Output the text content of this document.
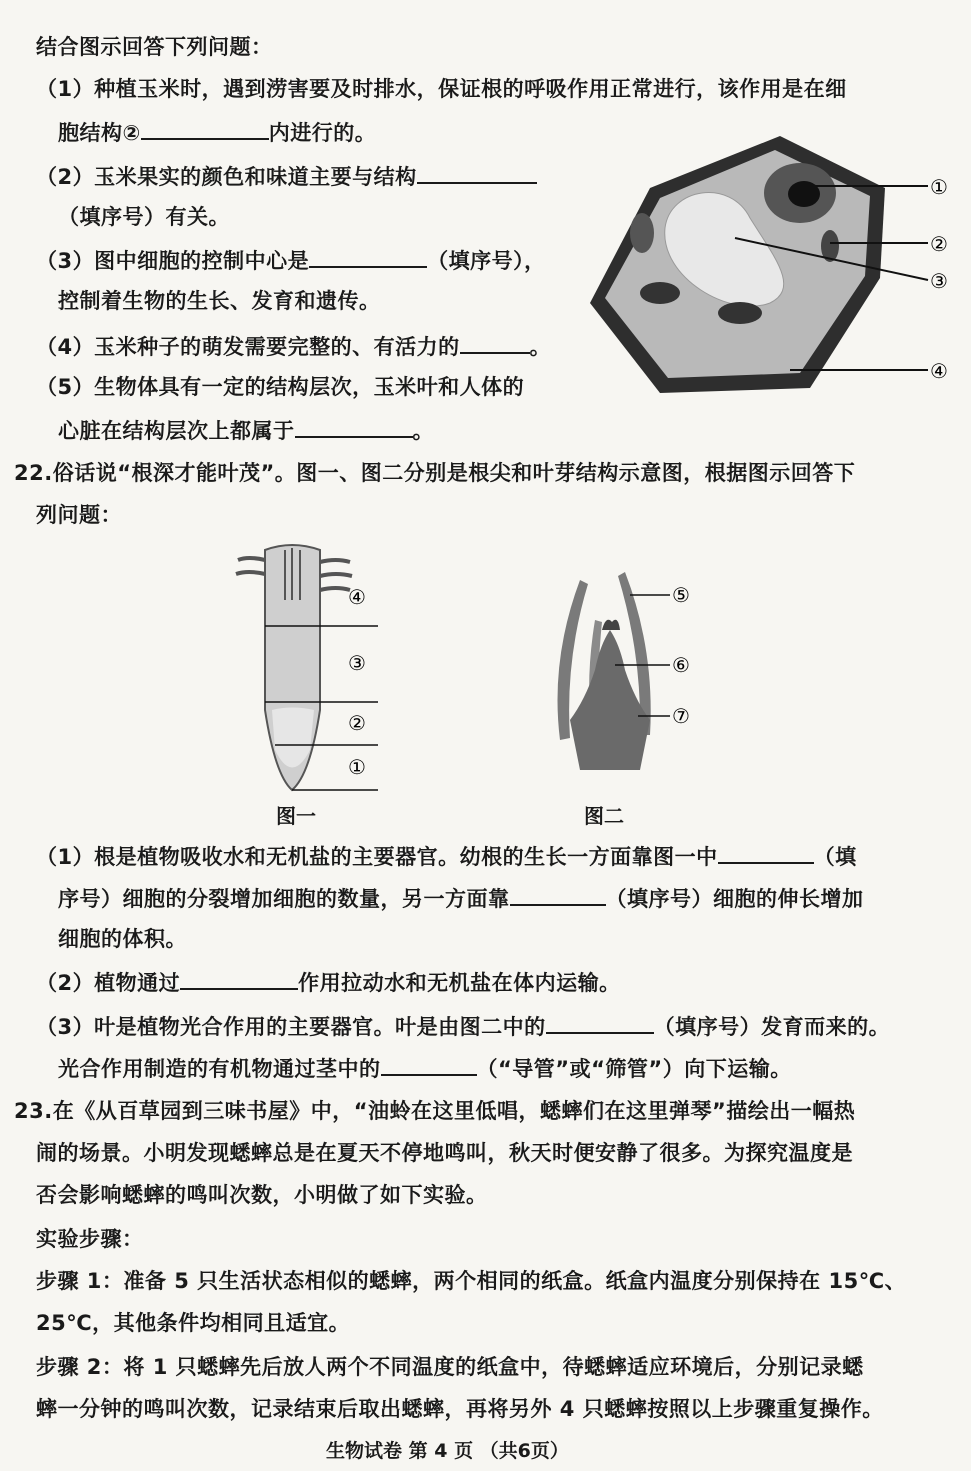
结合图示回答下列问题：
（1）种植玉米时，遇到涝害要及时排水，保证根的呼吸作用正常进行，该作用是在细
胞结构②	内进行的。
（2）玉米果实的颜色和味道主要与结构
（填序号）有关。
（3）图中细胞的控制中心是	（填序号），
控制着生物的生长、发育和遗传。
（4）玉米种子的萌发需要完整的、有活力的	。
（5）生物体具有一定的结构层次，玉米叶和人体的
心脏在结构层次上都属于	。
①
②
③
④
22.俗话说“根深才能叶茂”。图一、图二分别是根尖和叶芽结构示意图，根据图示回答下
列问题：
④
③
②
①
图一
⑤
⑥
⑦
图二
（1）根是植物吸收水和无机盐的主要器官。幼根的生长一方面靠图一中	（填
序号）细胞的分裂增加细胞的数量，另一方面靠	（填序号）细胞的伸长增加
细胞的体积。
（2）植物通过	作用拉动水和无机盐在体内运输。
（3）叶是植物光合作用的主要器官。叶是由图二中的	（填序号）发育而来的。
光合作用制造的有机物通过茎中的	（“导管”或“筛管”）向下运输。
23.在《从百草园到三味书屋》中，“油蛉在这里低唱，蟋蟀们在这里弹琴”描绘出一幅热
闹的场景。小明发现蟋蟀总是在夏天不停地鸣叫，秋天时便安静了很多。为探究温度是
否会影响蟋蟀的鸣叫次数，小明做了如下实验。
实验步骤：
步骤 1：准备 5 只生活状态相似的蟋蟀，两个相同的纸盒。纸盒内温度分别保持在 15℃、
25℃，其他条件均相同且适宜。
步骤 2：将 1 只蟋蟀先后放人两个不同温度的纸盒中，待蟋蟀适应环境后，分别记录蟋
蟀一分钟的鸣叫次数，记录结束后取出蟋蟀，再将另外 4 只蟋蟀按照以上步骤重复操作。
生物试卷 第 4 页 （共6页）
